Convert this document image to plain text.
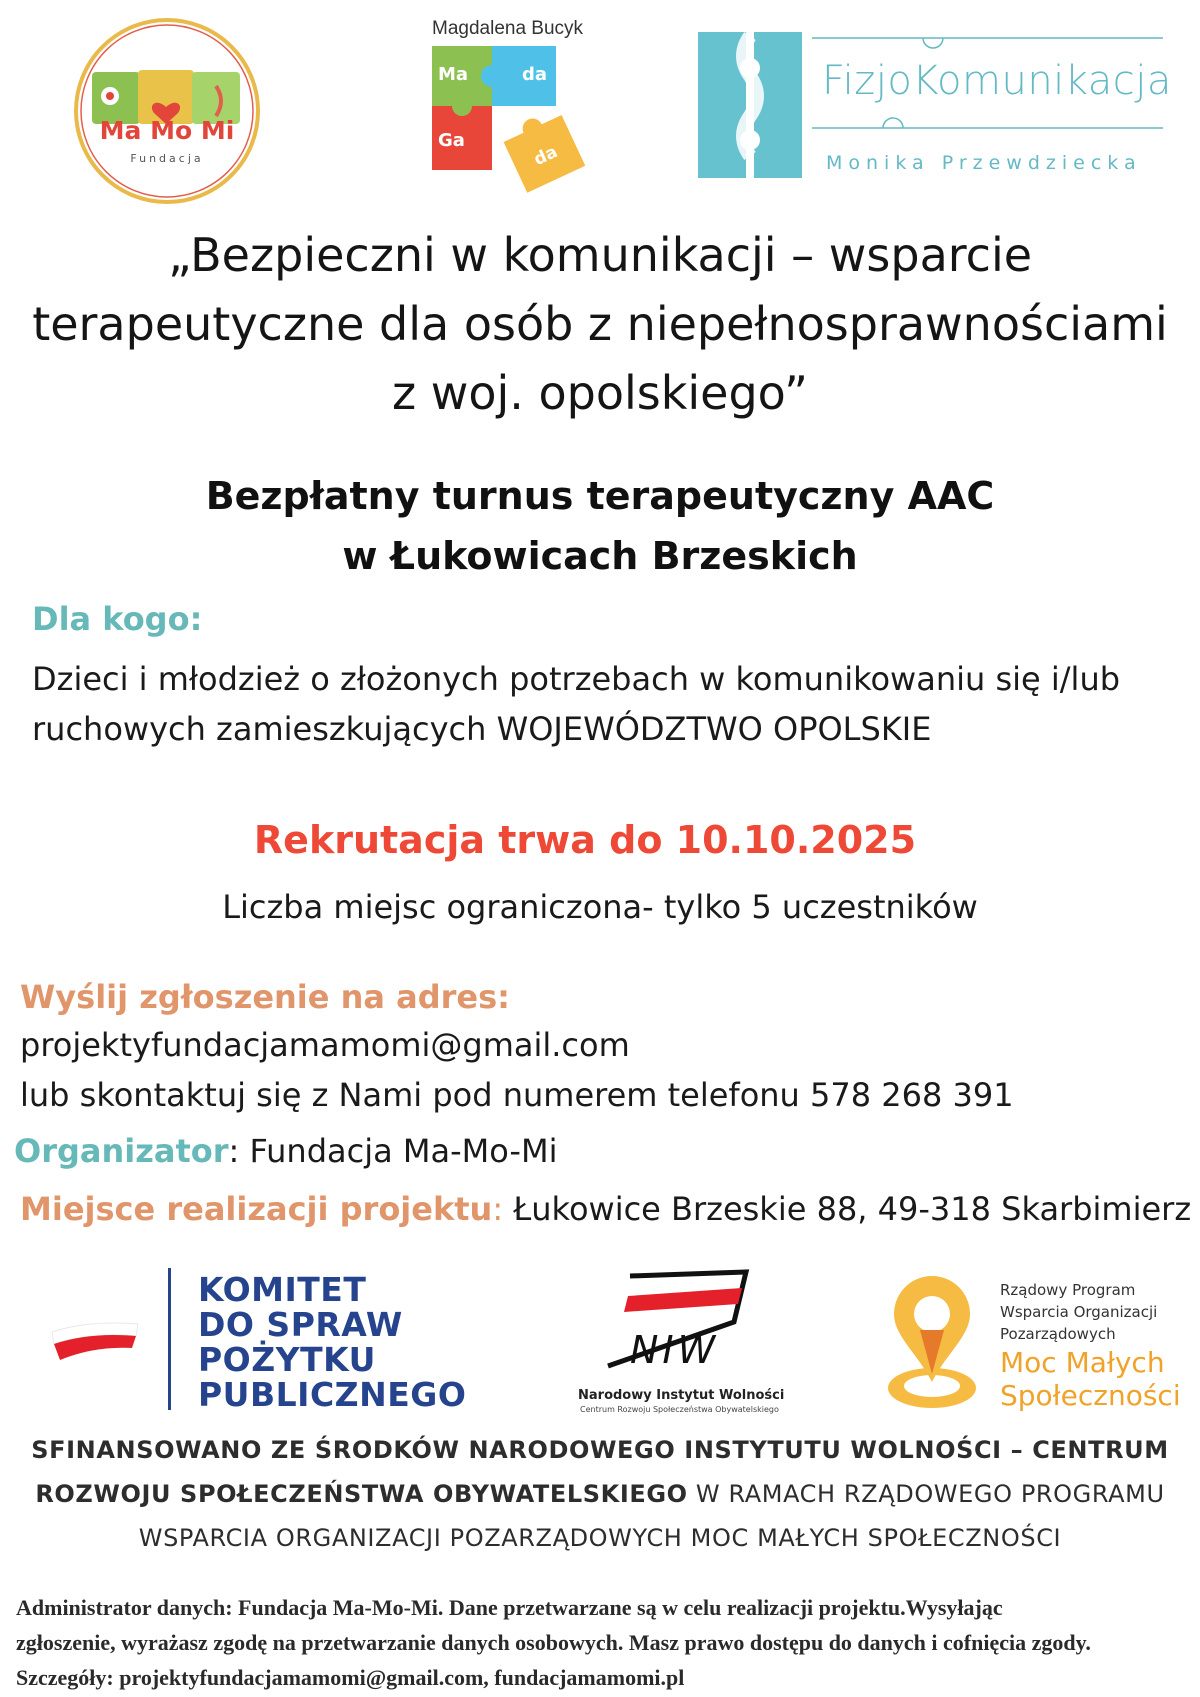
Ma Mo Mi
Fundacja
Magdalena Bucyk
Ma	da
Ga
da
FizjoKomunikacja
Monika Przewdziecka
„Bezpieczni w komunikacji – wsparcie
terapeutyczne dla osób z niepełnosprawnościami
z woj. opolskiego”
Bezpłatny turnus terapeutyczny AAC
w Łukowicach Brzeskich
Dla kogo:
Dzieci i młodzież o złożonych potrzebach w komunikowaniu się i/lub
ruchowych zamieszkujących WOJEWÓDZTWO OPOLSKIE
Rekrutacja trwa do 10.10.2025
Liczba miejsc ograniczona- tylko 5 uczestników
Wyślij zgłoszenie na adres:
projektyfundacjamamomi@gmail.com
lub skontaktuj się z Nami pod numerem telefonu 578 268 391
Organizator: Fundacja Ma-Mo-Mi
Miejsce realizacji projektu: Łukowice Brzeskie 88, 49-318 Skarbimierz
KOMITET
DO SPRAW
POŻYTKU
PUBLICZNEGO
NIW
Narodowy Instytut Wolności
Centrum Rozwoju Społeczeństwa Obywatelskiego
Rządowy Program
Wsparcia Organizacji
Pozarządowych
Moc Małych
Społeczności
SFINANSOWANO ZE ŚRODKÓW NARODOWEGO INSTYTUTU WOLNOŚCI – CENTRUM
ROZWOJU SPOŁECZEŃSTWA OBYWATELSKIEGO W RAMACH RZĄDOWEGO PROGRAMU
WSPARCIA ORGANIZACJI POZARZĄDOWYCH MOC MAŁYCH SPOŁECZNOŚCI
Administrator danych: Fundacja Ma-Mo-Mi. Dane przetwarzane są w celu realizacji projektu.Wysyłając
zgłoszenie, wyrażasz zgodę na przetwarzanie danych osobowych. Masz prawo dostępu do danych i cofnięcia zgody.
Szczegóły: projektyfundacjamamomi@gmail.com, fundacjamamomi.pl
